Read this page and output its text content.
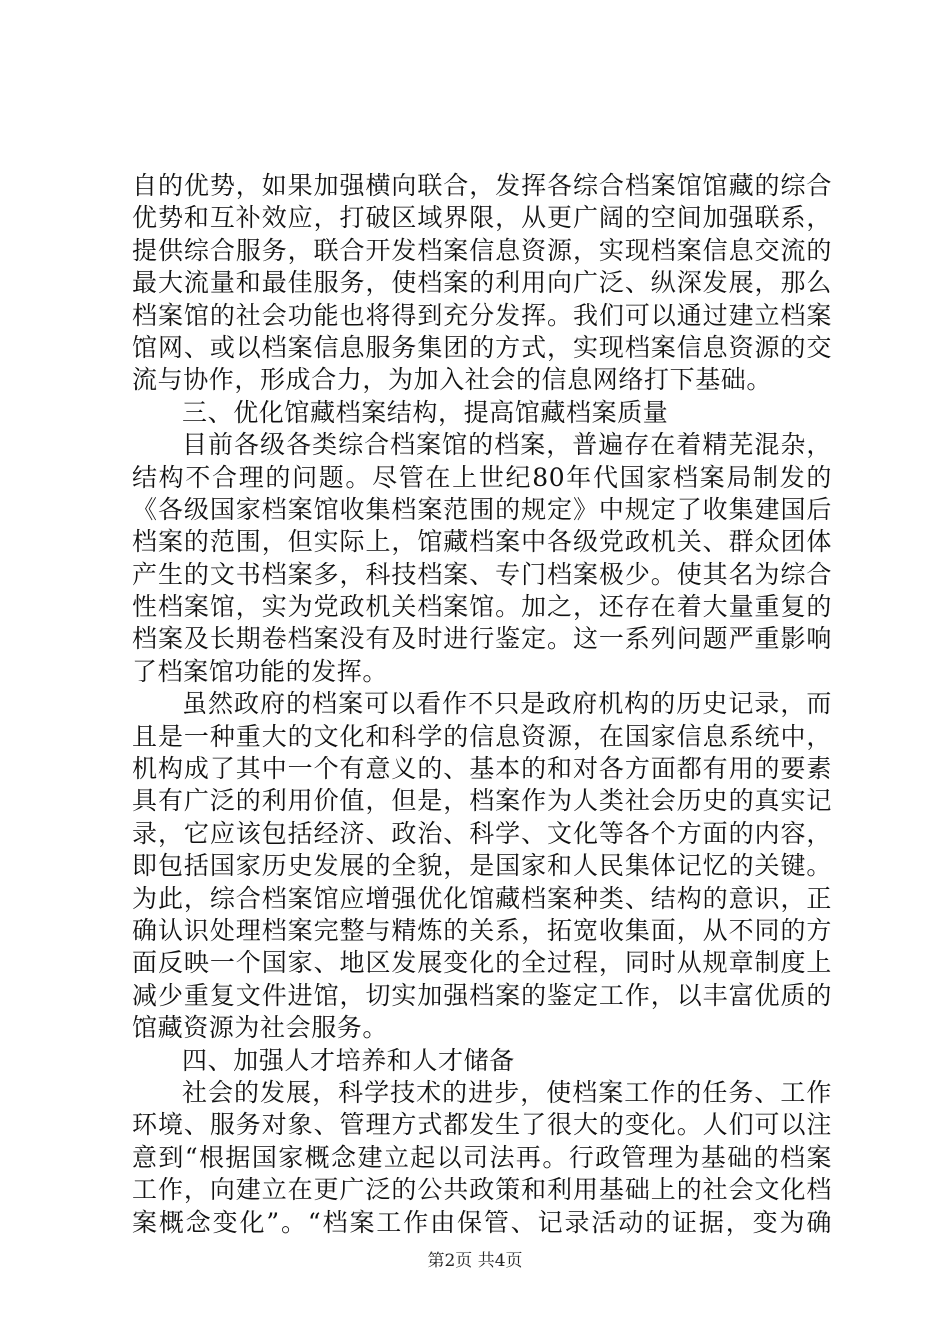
自的优势，如果加强横向联合，发挥各综合档案馆馆藏的综合
优势和互补效应，打破区域界限，从更广阔的空间加强联系，
提供综合服务，联合开发档案信息资源，实现档案信息交流的
最大流量和最佳服务，使档案的利用向广泛、纵深发展，那么
档案馆的社会功能也将得到充分发挥。我们可以通过建立档案
馆网、或以档案信息服务集团的方式，实现档案信息资源的交
流与协作，形成合力，为加入社会的信息网络打下基础。
三、优化馆藏档案结构，提高馆藏档案质量
目前各级各类综合档案馆的档案，普遍存在着精芜混杂，
结构不合理的问题。尽管在上世纪80年代国家档案局制发的
《各级国家档案馆收集档案范围的规定》中规定了收集建国后
档案的范围，但实际上，馆藏档案中各级党政机关、群众团体
产生的文书档案多，科技档案、专门档案极少。使其名为综合
性档案馆，实为党政机关档案馆。加之，还存在着大量重复的
档案及长期卷档案没有及时进行鉴定。这一系列问题严重影响
了档案馆功能的发挥。
虽然政府的档案可以看作不只是政府机构的历史记录，而
且是一种重大的文化和科学的信息资源，在国家信息系统中，
机构成了其中一个有意义的、基本的和对各方面都有用的要素
具有广泛的利用价值，但是，档案作为人类社会历史的真实记
录，它应该包括经济、政治、科学、文化等各个方面的内容，
即包括国家历史发展的全貌，是国家和人民集体记忆的关键。
为此，综合档案馆应增强优化馆藏档案种类、结构的意识，正
确认识处理档案完整与精炼的关系，拓宽收集面，从不同的方
面反映一个国家、地区发展变化的全过程，同时从规章制度上
减少重复文件进馆，切实加强档案的鉴定工作，以丰富优质的
馆藏资源为社会服务。
四、加强人才培养和人才储备
社会的发展，科学技术的进步，使档案工作的任务、工作
环境、服务对象、管理方式都发生了很大的变化。人们可以注
意到“根据国家概念建立起以司法再。行政管理为基础的档案
工作，向建立在更广泛的公共政策和利用基础上的社会文化档
案概念变化”。“档案工作由保管、记录活动的证据，变为确
第2页 共4页
